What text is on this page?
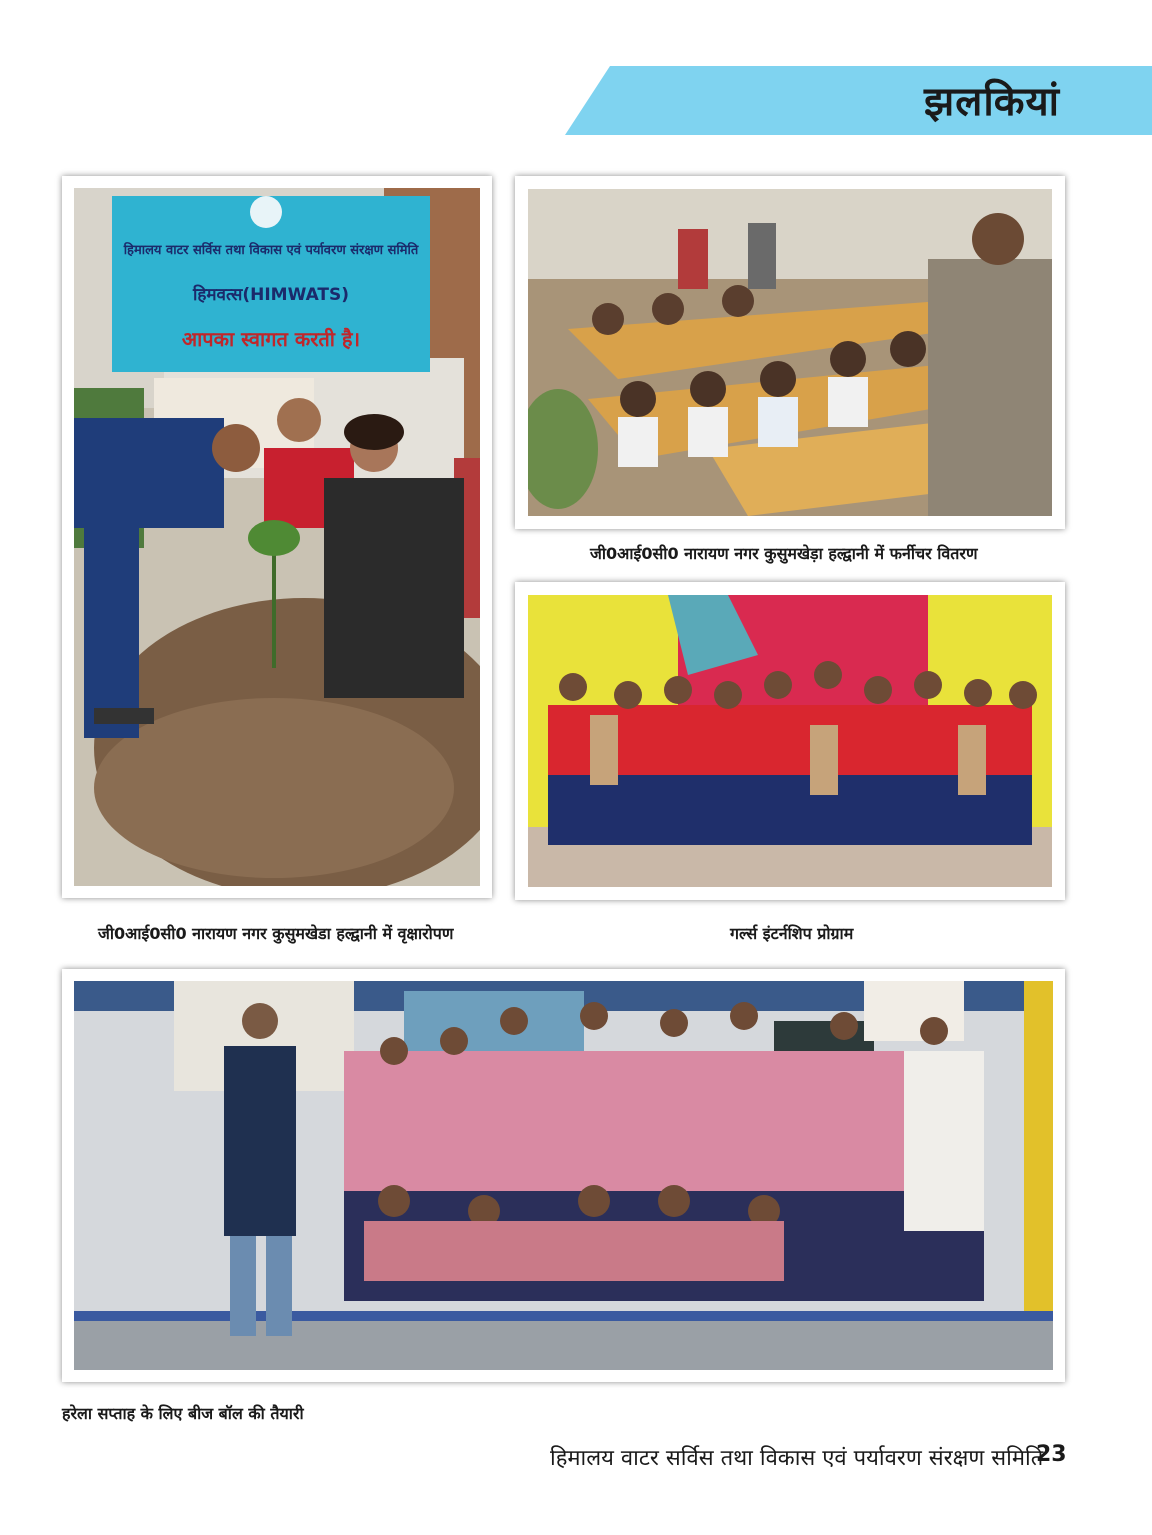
झलकियां
हिमालय वाटर सर्विस तथा विकास एवं पर्यावरण संरक्षण समिति
हिमवत्स(HIMWATS)
आपका स्वागत करती है।
जी0आई0सी0 नारायण नगर कुसुमखेडा हल्द्वानी में वृक्षारोपण
जी0आई0सी0 नारायण नगर कुसुमखेड़ा हल्द्वानी में फर्नीचर वितरण
गर्ल्स इंटर्नशिप प्रोग्राम
हरेला सप्ताह के लिए बीज बॉल की तैयारी
हिमालय वाटर सर्विस तथा विकास एवं पर्यावरण संरक्षण समिति
23
